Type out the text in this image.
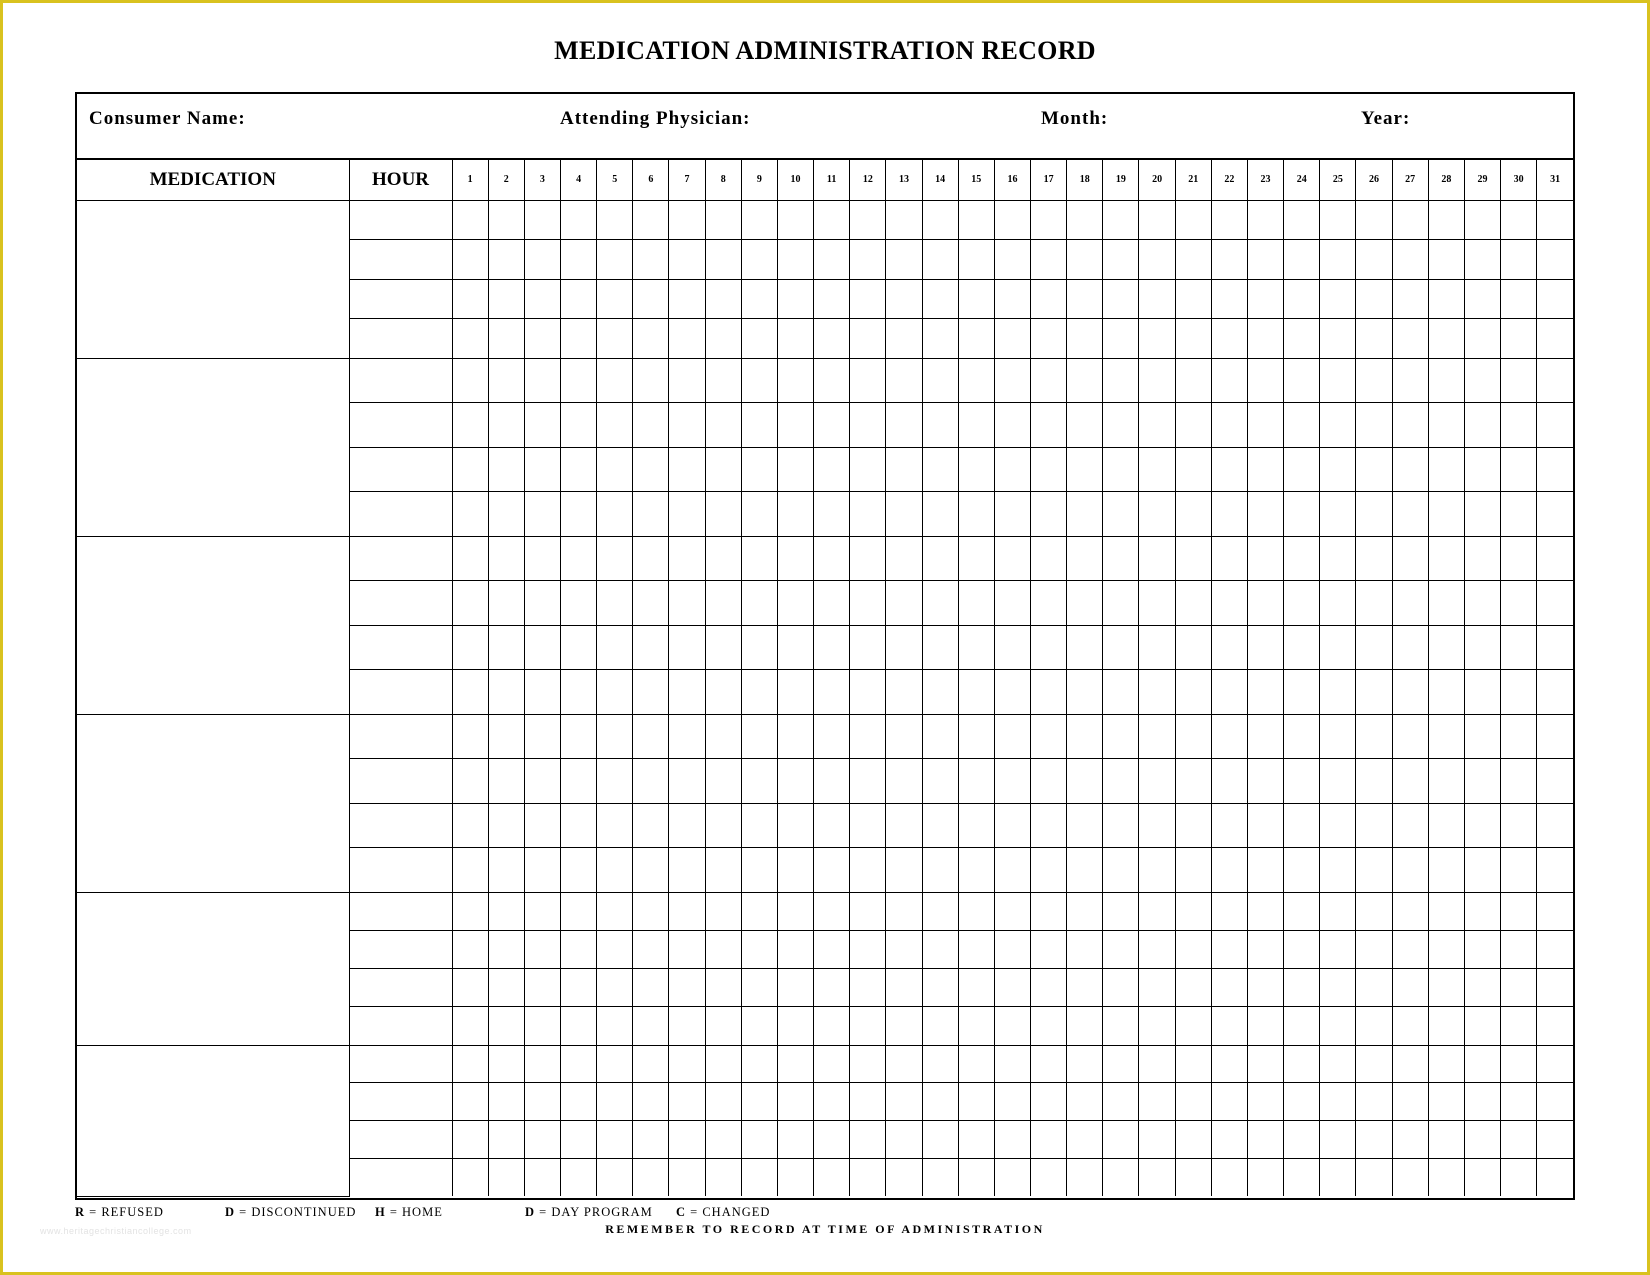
MEDICATION ADMINISTRATION RECORD
Consumer Name:	Attending Physician:	Month:	Year:
MEDICATION	HOUR	1	2	3	4	5	6	7	8	9	10	11	12	13	14	15	16	17	18	19	20	21	22	23	24	25	26	27	28	29	30	31

R = REFUSED	D = DISCONTINUED H = HOME	D = DAY PROGRAM C = CHANGED
REMEMBER TO RECORD AT TIME OF ADMINISTRATION
www.heritagechristiancollege.com
